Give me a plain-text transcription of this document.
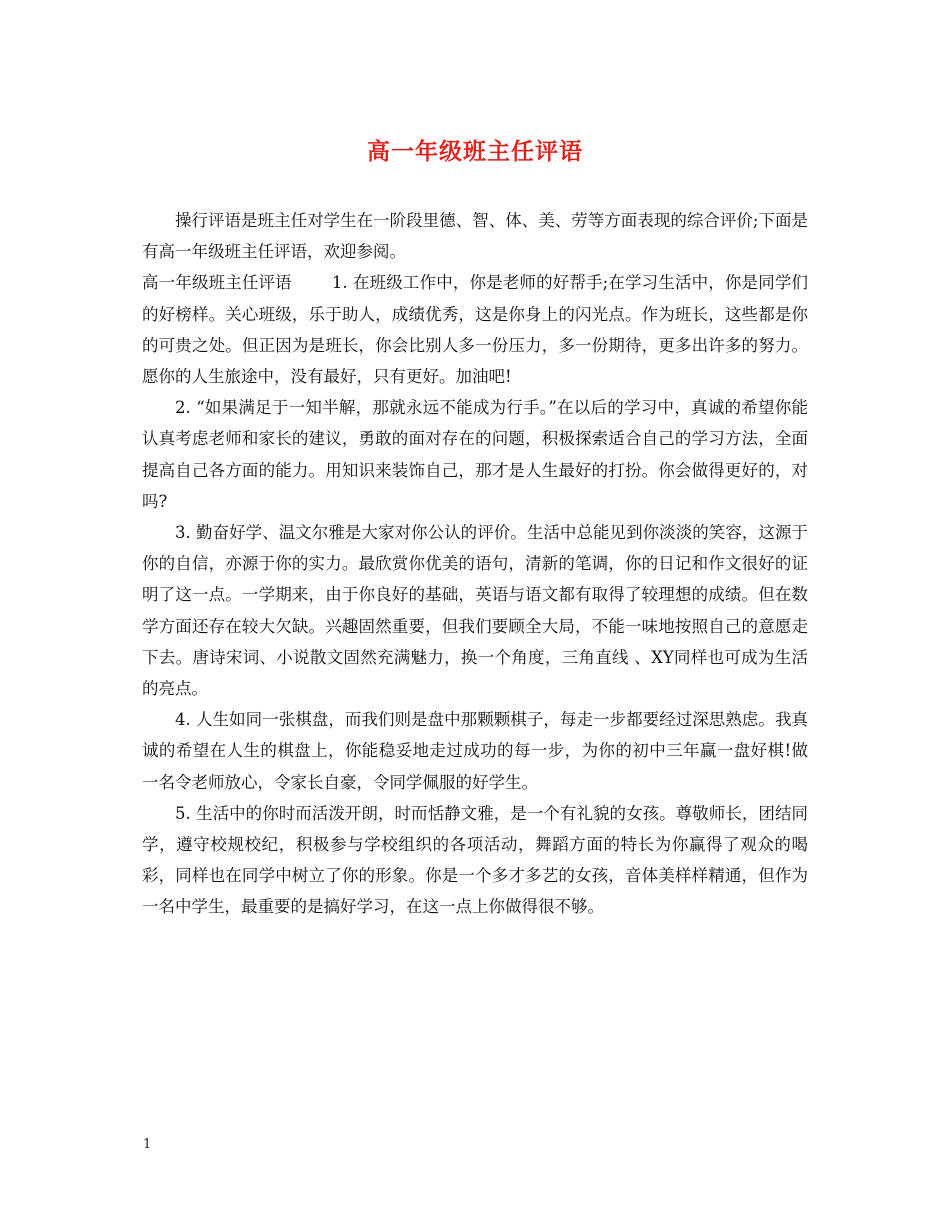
高一年级班主任评语

操行评语是班主任对学生在一阶段里德、智、体、美、劳等方面表现的综合评价;下面是有高一年级班主任评语，欢迎参阅。

高一年级班主任评语 1. 在班级工作中，你是老师的好帮手;在学习生活中，你是同学们的好榜样。关心班级，乐于助人，成绩优秀，这是你身上的闪光点。作为班长，这些都是你的可贵之处。但正因为是班长，你会比别人多一份压力，多一份期待，更多出许多的努力。愿你的人生旅途中，没有最好，只有更好。加油吧!

2. “如果满足于一知半解，那就永远不能成为行手。”在以后的学习中，真诚的希望你能认真考虑老师和家长的建议，勇敢的面对存在的问题，积极探索适合自己的学习方法，全面提高自己各方面的能力。用知识来装饰自己，那才是人生最好的打扮。你会做得更好的，对吗?

3. 勤奋好学、温文尔雅是大家对你公认的评价。生活中总能见到你淡淡的笑容，这源于你的自信，亦源于你的实力。最欣赏你优美的语句，清新的笔调，你的日记和作文很好的证明了这一点。一学期来，由于你良好的基础，英语与语文都有取得了较理想的成绩。但在数学方面还存在较大欠缺。兴趣固然重要，但我们要顾全大局，不能一味地按照自己的意愿走下去。唐诗宋词、小说散文固然充满魅力，换一个角度，三角直线 、XY同样也可成为生活的亮点。

4. 人生如同一张棋盘，而我们则是盘中那颗颗棋子，每走一步都要经过深思熟虑。我真诚的希望在人生的棋盘上，你能稳妥地走过成功的每一步，为你的初中三年赢一盘好棋!做一名令老师放心，令家长自豪，令同学佩服的好学生。

5. 生活中的你时而活泼开朗，时而恬静文雅，是一个有礼貌的女孩。尊敬师长，团结同学，遵守校规校纪，积极参与学校组织的各项活动，舞蹈方面的特长为你赢得了观众的喝彩，同样也在同学中树立了你的形象。你是一个多才多艺的女孩，音体美样样精通，但作为一名中学生，最重要的是搞好学习，在这一点上你做得很不够。

1
